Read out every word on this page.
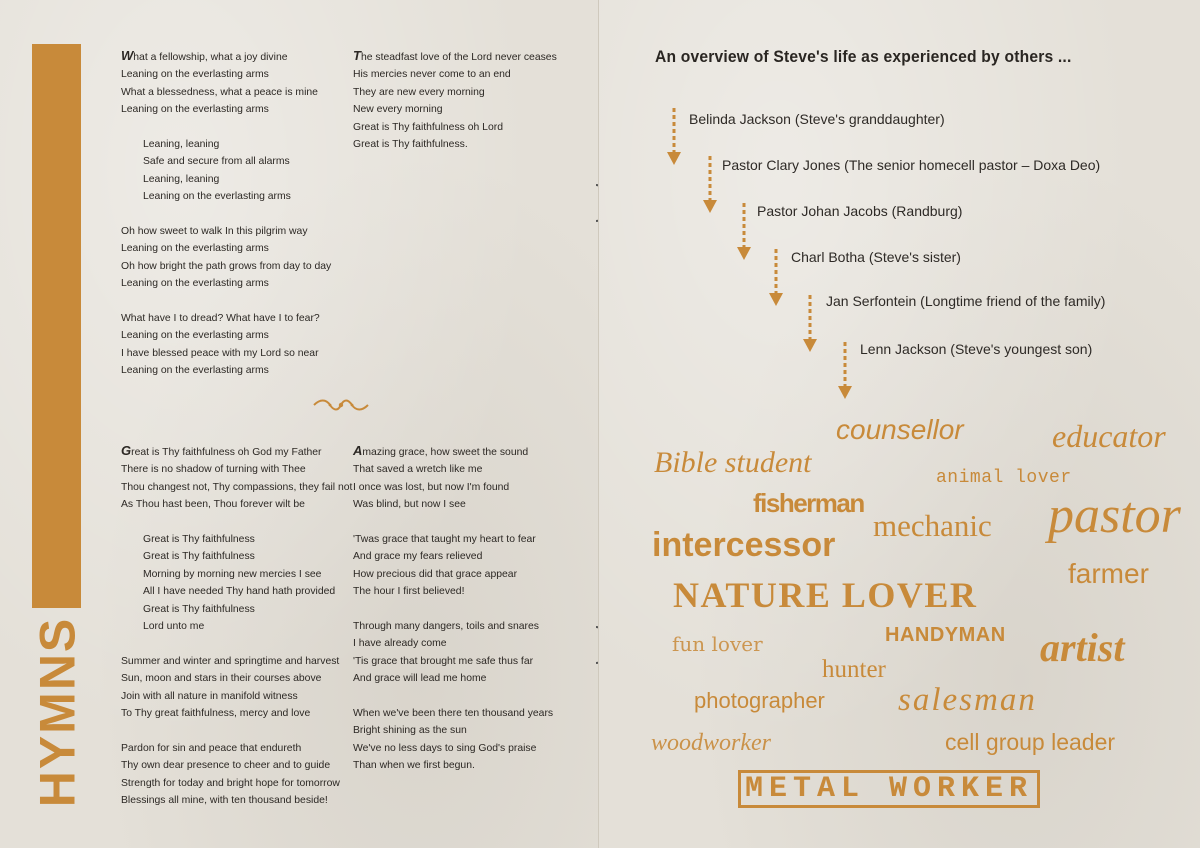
HYMNS
What a fellowship, what a joy divine
Leaning on the everlasting arms
What a blessedness, what a peace is mine
Leaning on the everlasting arms
Leaning, leaning
Safe and secure from all alarms
Leaning, leaning
Leaning on the everlasting arms
Oh how sweet to walk In this pilgrim way
Leaning on the everlasting arms
Oh how bright the path grows from day to day
Leaning on the everlasting arms
What have I to dread? What have I to fear?
Leaning on the everlasting arms
I have blessed peace with my Lord so near
Leaning on the everlasting arms
The steadfast love of the Lord never ceases
His mercies never come to an end
They are new every morning
New every morning
Great is Thy faithfulness oh Lord
Great is Thy faithfulness.
Great is Thy faithfulness oh God my Father
There is no shadow of turning with Thee
Thou changest not, Thy compassions, they fail not
As Thou hast been, Thou forever wilt be
Great is Thy faithfulness
Great is Thy faithfulness
Morning by morning new mercies I see
All I have needed Thy hand hath provided
Great is Thy faithfulness
Lord unto me
Summer and winter and springtime and harvest
Sun, moon and stars in their courses above
Join with all nature in manifold witness
To Thy great faithfulness, mercy and love
Pardon for sin and peace that endureth
Thy own dear presence to cheer and to guide
Strength for today and bright hope for tomorrow
Blessings all mine, with ten thousand beside!
Amazing grace, how sweet the sound
That saved a wretch like me
I once was lost, but now I'm found
Was blind, but now I see
'Twas grace that taught my heart to fear
And grace my fears relieved
How precious did that grace appear
The hour I first believed!
Through many dangers, toils and snares
I have already come
'Tis grace that brought me safe thus far
And grace will lead me home
When we've been there ten thousand years
Bright shining as the sun
We've no less days to sing God's praise
Than when we first begun.
An overview of Steve's life as experienced by others ...
Belinda Jackson (Steve's granddaughter)
Pastor Clary Jones (The senior homecell pastor – Doxa Deo)
Pastor Johan Jacobs (Randburg)
Charl Botha (Steve's sister)
Jan Serfontein (Longtime friend of the family)
Lenn Jackson (Steve's youngest son)
counsellor	educator
Bible student	animal lover
fisherman
mechanic pastor
intercessor
farmer
NATURE LOVER
fun lover	HANDYMAN artist
hunter
photographer salesman
woodworker	cell group leader
METAL WORKER
